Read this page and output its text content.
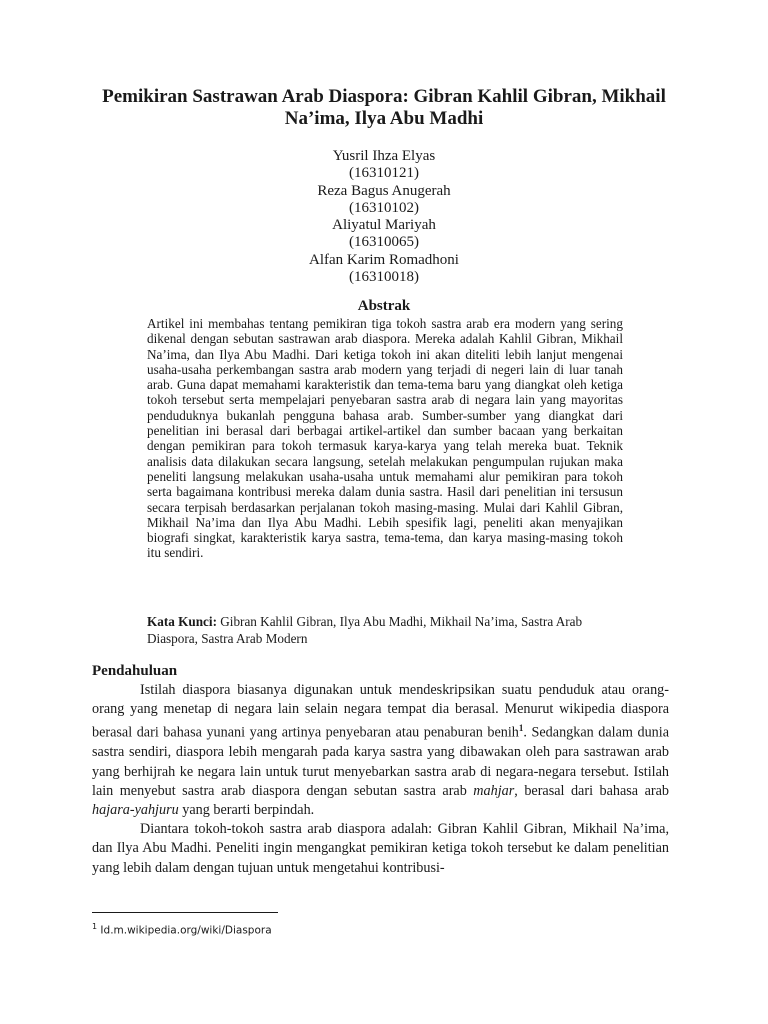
Pemikiran Sastrawan Arab Diaspora: Gibran Kahlil Gibran, Mikhail Na’ima, Ilya Abu Madhi
Yusril Ihza Elyas
(16310121)
Reza Bagus Anugerah
(16310102)
Aliyatul Mariyah
(16310065)
Alfan Karim Romadhoni
(16310018)
Abstrak
Artikel ini membahas tentang pemikiran tiga tokoh sastra arab era modern yang sering dikenal dengan sebutan sastrawan arab diaspora. Mereka adalah Kahlil Gibran, Mikhail Na’ima, dan Ilya Abu Madhi. Dari ketiga tokoh ini akan diteliti lebih lanjut mengenai usaha-usaha perkembangan sastra arab modern yang terjadi di negeri lain di luar tanah arab. Guna dapat memahami karakteristik dan tema-tema baru yang diangkat oleh ketiga tokoh tersebut serta mempelajari penyebaran sastra arab di negara lain yang mayoritas penduduknya bukanlah pengguna bahasa arab. Sumber-sumber yang diangkat dari penelitian ini berasal dari berbagai artikel-artikel dan sumber bacaan yang berkaitan dengan pemikiran para tokoh termasuk karya-karya yang telah mereka buat. Teknik analisis data dilakukan secara langsung, setelah melakukan pengumpulan rujukan maka peneliti langsung melakukan usaha-usaha untuk memahami alur pemikiran para tokoh serta bagaimana kontribusi mereka dalam dunia sastra. Hasil dari penelitian ini tersusun secara terpisah berdasarkan perjalanan tokoh masing-masing. Mulai dari Kahlil Gibran, Mikhail Na’ima dan Ilya Abu Madhi. Lebih spesifik lagi, peneliti akan menyajikan biografi singkat, karakteristik karya sastra, tema-tema, dan karya masing-masing tokoh itu sendiri.
Kata Kunci: Gibran Kahlil Gibran, Ilya Abu Madhi, Mikhail Na’ima, Sastra Arab Diaspora, Sastra Arab Modern
Pendahuluan

Istilah diaspora biasanya digunakan untuk mendeskripsikan suatu penduduk atau orang-orang yang menetap di negara lain selain negara tempat dia berasal. Menurut wikipedia diaspora berasal dari bahasa yunani yang artinya penyebaran atau penaburan benih$^1$. Sedangkan dalam dunia sastra sendiri, diaspora lebih mengarah pada karya sastra yang dibawakan oleh para sastrawan arab yang berhijrah ke negara lain untuk turut menyebarkan sastra arab di negara-negara tersebut. Istilah lain menyebut sastra arab diaspora dengan sebutan sastra arab mahjar, berasal dari bahasa arab hajara-yahjuru yang berarti berpindah.

Diantara tokoh-tokoh sastra arab diaspora adalah: Gibran Kahlil Gibran, Mikhail Na’ima, dan Ilya Abu Madhi. Peneliti ingin mengangkat pemikiran ketiga tokoh tersebut ke dalam penelitian yang lebih dalam dengan tujuan untuk mengetahui kontribusi-

$^1$ Id.m.wikipedia.org/wiki/Diaspora
